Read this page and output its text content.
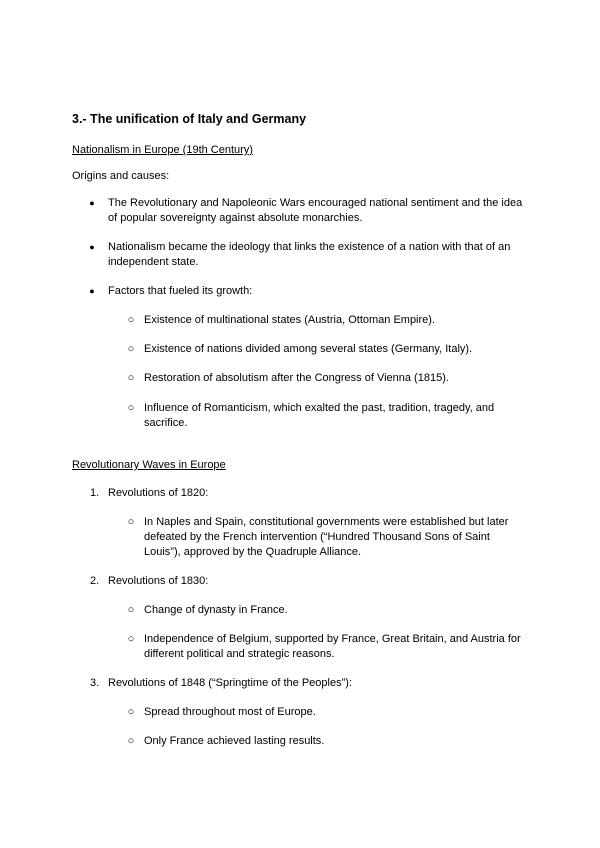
3.- The unification of Italy and Germany
Nationalism in Europe (19th Century)
Origins and causes:
●	The Revolutionary and Napoleonic Wars encouraged national sentiment and the idea
of popular sovereignty against absolute monarchies.
●	Nationalism became the ideology that links the existence of a nation with that of an
independent state.
●	Factors that fueled its growth:
○ Existence of multinational states (Austria, Ottoman Empire).
○ Existence of nations divided among several states (Germany, Italy).
○ Restoration of absolutism after the Congress of Vienna (1815).
○ Influence of Romanticism, which exalted the past, tradition, tragedy, and
sacrifice.
Revolutionary Waves in Europe
1. Revolutions of 1820:
○ In Naples and Spain, constitutional governments were established but later
defeated by the French intervention (“Hundred Thousand Sons of Saint
Louis”), approved by the Quadruple Alliance.
2. Revolutions of 1830:
○ Change of dynasty in France.
○ Independence of Belgium, supported by France, Great Britain, and Austria for
different political and strategic reasons.
3. Revolutions of 1848 (“Springtime of the Peoples”):
○ Spread throughout most of Europe.
○ Only France achieved lasting results.
